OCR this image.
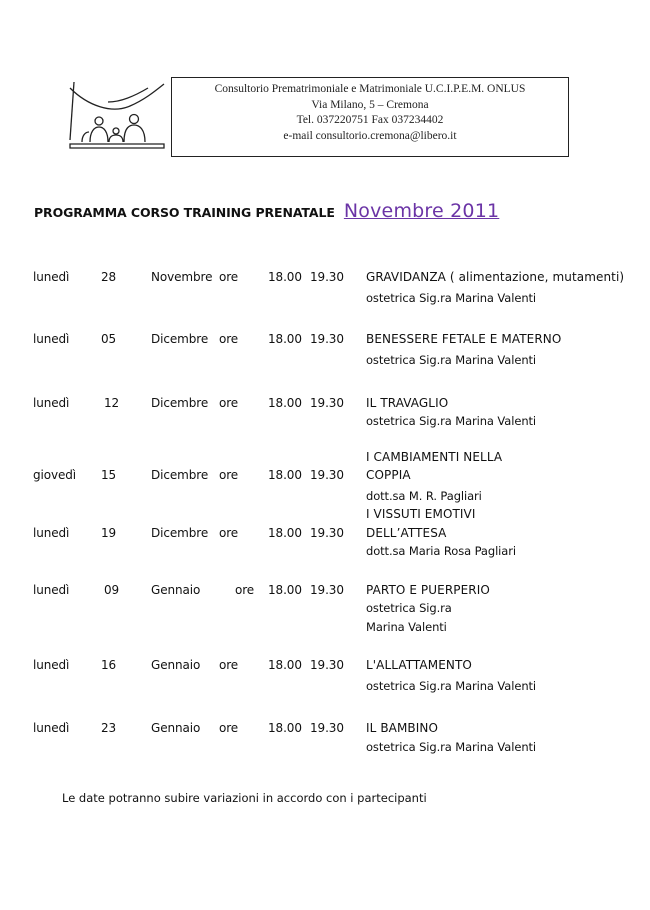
Consultorio Prematrimoniale e Matrimoniale U.C.I.P.E.M. ONLUS
Via Milano, 5 – Cremona
Tel. 037220751 Fax 037234402
e-mail consultorio.cremona@libero.it
PROGRAMMA CORSO TRAINING PRENATALE Novembre 2011
lunedì	28	Novembre ore 18.00 19.30 GRAVIDANZA ( alimentazione, mutamenti)
ostetrica Sig.ra Marina Valenti
lunedì	05	Dicembre ore 18.00 19.30 BENESSERE FETALE E MATERNO
ostetrica Sig.ra Marina Valenti
lunedì	12	Dicembre ore 18.00 19.30 IL TRAVAGLIO
ostetrica Sig.ra Marina Valenti
giovedì 15	Dicembre ore 18.00 19.30
I CAMBIAMENTI NELLA
COPPIA
dott.sa M. R. Pagliari
lunedì	19	Dicembre ore 18.00 19.30
I VISSUTI EMOTIVI
DELL’ATTESA
dott.sa Maria Rosa Pagliari
lunedì	09	Gennaio	ore 18.00 19.30 PARTO E PUERPERIO
ostetrica Sig.ra
Marina Valenti
lunedì	16	Gennaio ore 18.00 19.30 L'ALLATTAMENTO
ostetrica Sig.ra Marina Valenti
lunedì	23	Gennaio ore 18.00 19.30 IL BAMBINO
ostetrica Sig.ra Marina Valenti
Le date potranno subire variazioni in accordo con i partecipanti
